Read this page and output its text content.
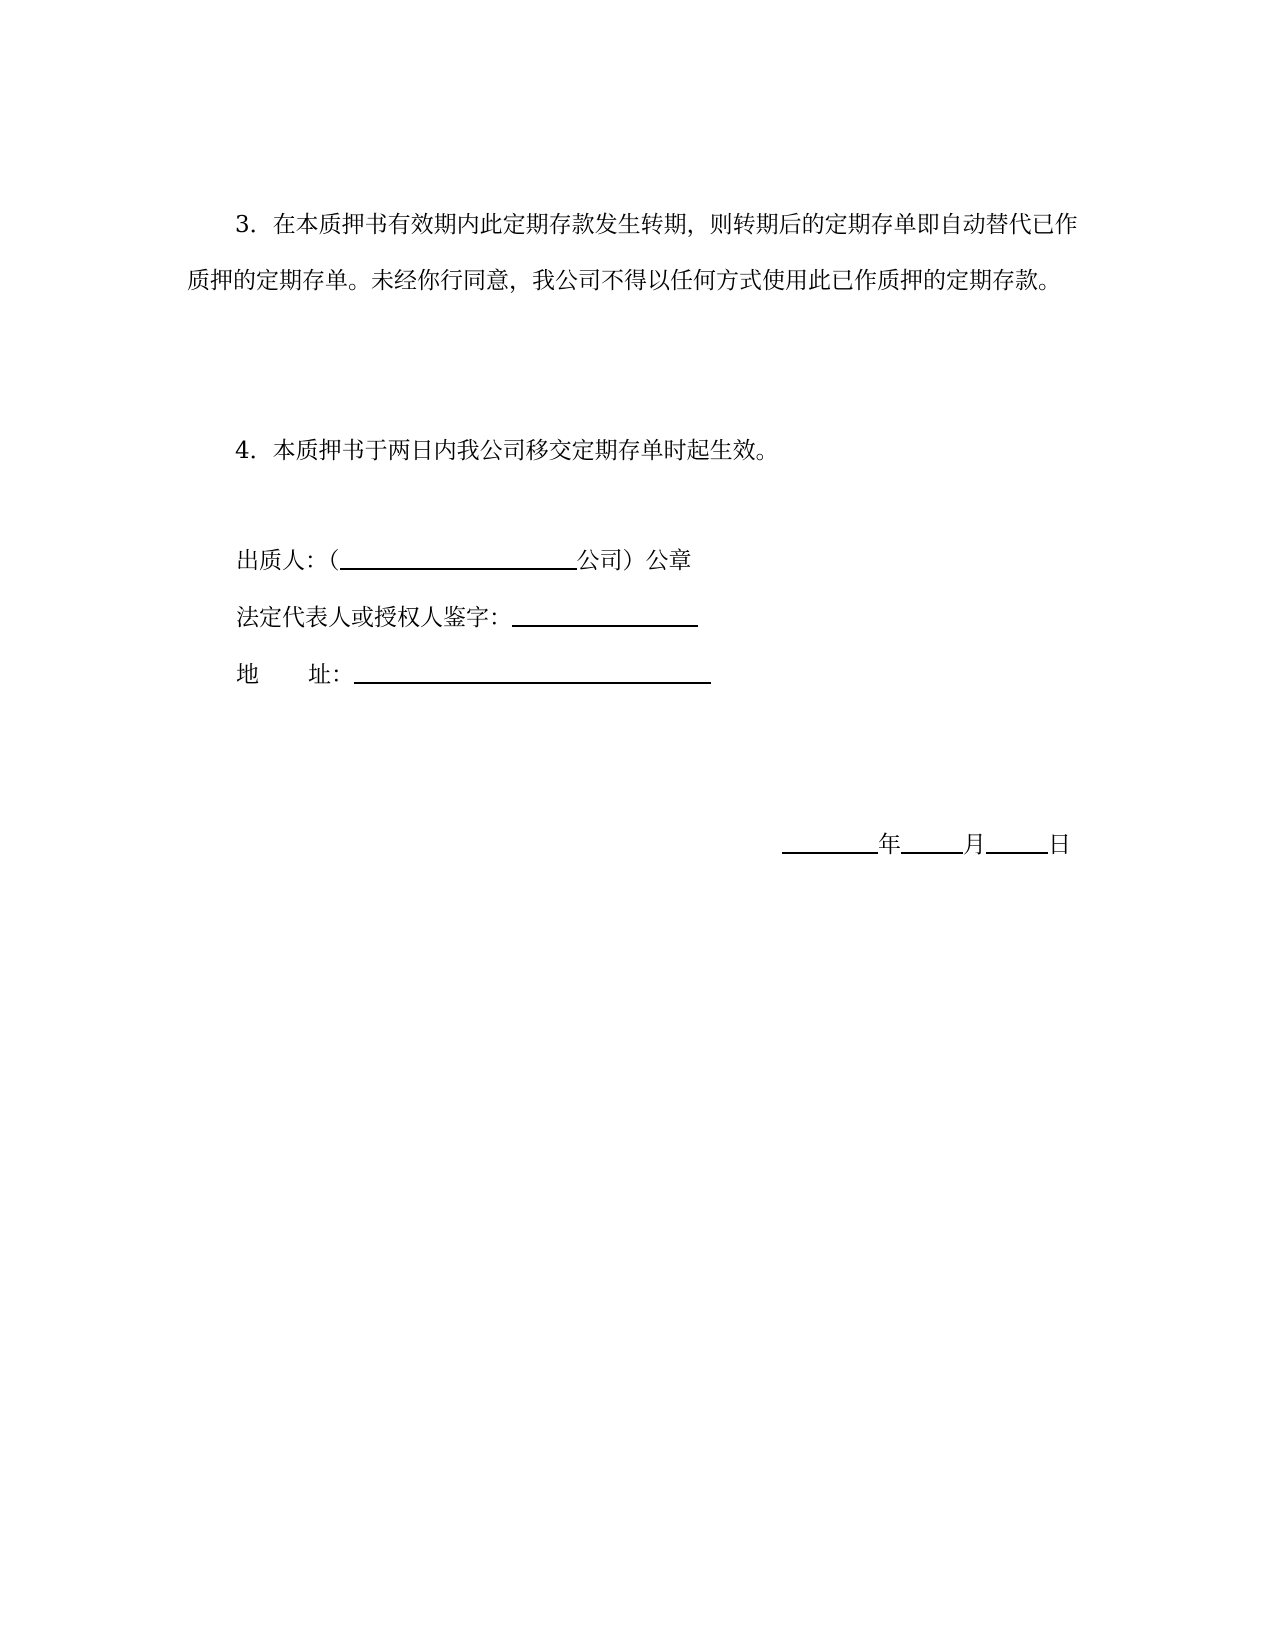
3．在本质押书有效期内此定期存款发生转期，则转期后的定期存单即自动替代已作质押的定期存单。未经你行同意，我公司不得以任何方式使用此已作质押的定期存款。

4．本质押书于两日内我公司移交定期存单时起生效。

出质人：（	公司）公章
法定代表人或授权人鉴字：
地 址：
年	月	日
